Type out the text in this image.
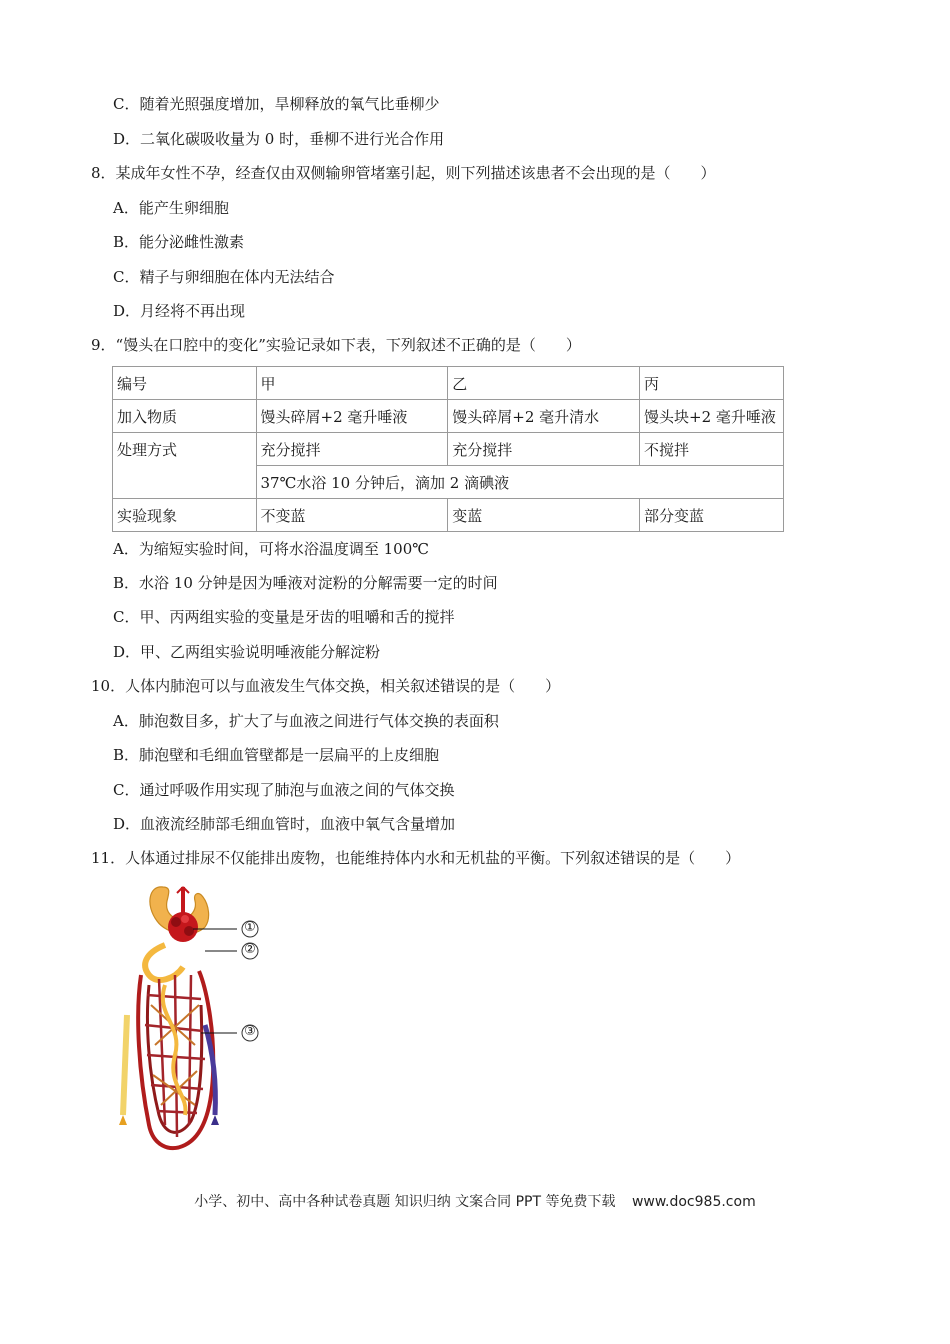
C．随着光照强度增加，旱柳释放的氧气比垂柳少
D．二氧化碳吸收量为 0 时，垂柳不进行光合作用
8．某成年女性不孕，经查仅由双侧输卵管堵塞引起，则下列描述该患者不会出现的是（　　）
A．能产生卵细胞
B．能分泌雌性激素
C．精子与卵细胞在体内无法结合
D．月经将不再出现
9．“馒头在口腔中的变化”实验记录如下表，下列叙述不正确的是（　　）
编号	甲	乙	丙
加入物质	馒头碎屑+2 毫升唾液	馒头碎屑+2 毫升清水	馒头块+2 毫升唾液
处理方式	充分搅拌	充分搅拌	不搅拌
	37℃水浴 10 分钟后，滴加 2 滴碘液		
实验现象	不变蓝	变蓝	部分变蓝
A．为缩短实验时间，可将水浴温度调至 100℃
B．水浴 10 分钟是因为唾液对淀粉的分解需要一定的时间
C．甲、丙两组实验的变量是牙齿的咀嚼和舌的搅拌
D．甲、乙两组实验说明唾液能分解淀粉
10．人体内肺泡可以与血液发生气体交换，相关叙述错误的是（　　）
A．肺泡数目多，扩大了与血液之间进行气体交换的表面积
B．肺泡壁和毛细血管壁都是一层扁平的上皮细胞
C．通过呼吸作用实现了肺泡与血液之间的气体交换
D．血液流经肺部毛细血管时，血液中氧气含量增加
11．人体通过排尿不仅能排出废物，也能维持体内水和无机盐的平衡。下列叙述错误的是（　　）
①
②
③
小学、初中、高中各种试卷真题 知识归纳 文案合同 PPT 等免费下载 www.doc985.com
